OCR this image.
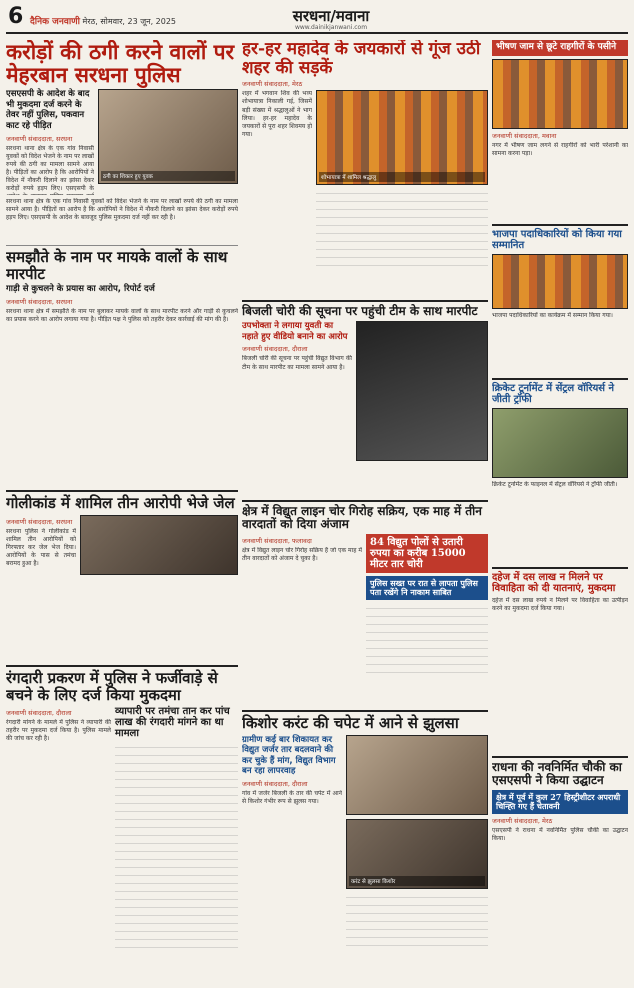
6 दैनिक जनवाणी मेरठ, सोमवार, 23 जून, 2025	सरधना/मवाना
www.dainikjanwani.com
करोड़ों की ठगी करने वालों पर मेहरबान सरधना पुलिस
एसएसपी के आदेश के बाद भी मुकदमा दर्ज करने के तेवर नहीं पुलिस, पकवान काट रहे पीड़ित
जनवाणी संवाददाता, सरधना
सरधना थाना क्षेत्र के एक गांव निवासी युवकों को विदेश भेजने के नाम पर लाखों रुपये की ठगी का मामला सामने आया है। पीड़ितों का आरोप है कि आरोपियों ने विदेश में नौकरी दिलाने का झांसा देकर करोड़ों रुपये हड़प लिए। एसएसपी के
ठगी का शिकार हुए युवक
सरधना थाना क्षेत्र के एक गांव निवासी युवकों को विदेश भेजने के नाम पर लाखों रुपये की ठगी का मामला सामने आया है। पीड़ितों का आरोप है कि आरोपियों ने विदेश में नौकरी दिलाने का झांसा देकर करोड़ों रुपये हड़प लिए। एसएसपी के आदेश के बावजूद पुलिस मुकदमा दर्ज नहीं कर रही है।
समझौते के नाम पर मायके वालों के साथ मारपीट
गाड़ी से कुचलने के प्रयास का आरोप, रिपोर्ट दर्ज
जनवाणी संवाददाता, सरधना
सरधना थाना क्षेत्र में समझौते के नाम पर बुलाकर मायके वालों के साथ मारपीट करने और गाड़ी से कुचलने का प्रयास करने का आरोप लगाया गया है। पीड़ित पक्ष ने पुलिस को तहरीर देकर कार्रवाई की मांग की है।
गोलीकांड में शामिल तीन आरोपी भेजे जेल
जनवाणी संवाददाता, सरधना
सरधना पुलिस ने गोलीकांड में शामिल तीन आरोपियों को गिरफ्तार कर जेल भेज दिया। आरोपियों के पास से तमंचा बरामद हुआ है।
रंगदारी प्रकरण में पुलिस ने फर्जीवाड़े से बचने के लिए दर्ज किया मुकदमा
जनवाणी संवाददाता, दौराला
रंगदारी मांगने के मामले में पुलिस ने व्यापारी की तहरीर पर मुकदमा दर्ज किया है। पुलिस मामले की जांच कर रही है।
व्यापारी पर तमंचा तान कर पांच लाख की रंगदारी मांगने का था मामला
हर-हर महादेव के जयकारों से गूंज उठी शहर की सड़कें
जनवाणी संवाददाता, मेरठ
शहर में भगवान शिव की भव्य शोभायात्रा निकाली गई, जिसमें बड़ी संख्या में श्रद्धालुओं ने भाग लिया। हर-हर महादेव के जयकारों से पूरा शहर शिवमय हो गया।
शोभायात्रा में शामिल श्रद्धालु
बिजली चोरी की सूचना पर पहुंची टीम के साथ मारपीट
उपभोक्ता ने लगाया युवती का नहाते हुए वीडियो बनाने का आरोप
जनवाणी संवाददाता, दौराला
बिजली चोरी की सूचना पर पहुंची विद्युत विभाग की टीम के साथ मारपीट का मामला सामने आया है।
क्षेत्र में विद्युत लाइन चोर गिरोह सक्रिय, एक माह में तीन वारदातों को दिया अंजाम
जनवाणी संवाददाता, फलावदा
क्षेत्र में विद्युत लाइन चोर गिरोह सक्रिय है जो एक माह में तीन वारदातों को अंजाम दे चुका है।
84 विद्युत पोलों से उतारी रुपया का करीब 15000 मीटर तार चोरी
पुलिस सख्त पर रात से लापता पुलिस पता रखेंगे नि नाकाम साबित
किशोर करंट की चपेट में आने से झुलसा
ग्रामीण कई बार शिकायत कर विद्युत जर्जर तार बदलवाने की कर चुके हैं मांग, विद्युत विभाग बन रहा लापरवाह
जनवाणी संवाददाता, दौराला
गांव में जर्जर बिजली के तार की चपेट में आने से किशोर गंभीर रूप से झुलस गया।
करंट से झुलसा किशोर
भीषण जाम से छूटे राहगीरों के पसीने
जनवाणी संवाददाता, मवाना
नगर में भीषण जाम लगने से राहगीरों को भारी परेशानी का सामना करना पड़ा।
भाजपा पदाधिकारियों को किया गया सम्मानित
भाजपा पदाधिकारियों का कार्यक्रम में सम्मान किया गया।
क्रिकेट टूर्नामेंट में सेंट्रल वॉरियर्स ने जीती ट्रॉफी
क्रिकेट टूर्नामेंट के फाइनल में सेंट्रल वॉरियर्स ने ट्रॉफी जीती।
दहेज में दस लाख न मिलने पर विवाहिता को दी यातनाएं, मुकदमा
दहेज में दस लाख रुपये न मिलने पर विवाहिता का उत्पीड़न करने का मुकदमा दर्ज किया गया।
राधना की नवनिर्मित चौकी का एसएसपी ने किया उद्घाटन
क्षेत्र में पूर्व में कुल 27 हिस्ट्रीशीटर अपराधी चिन्ह्ति गए हैं चेतावनी
जनवाणी संवाददाता, मेरठ
एसएसपी ने राधना में नवनिर्मित पुलिस चौकी का उद्घाटन किया।
